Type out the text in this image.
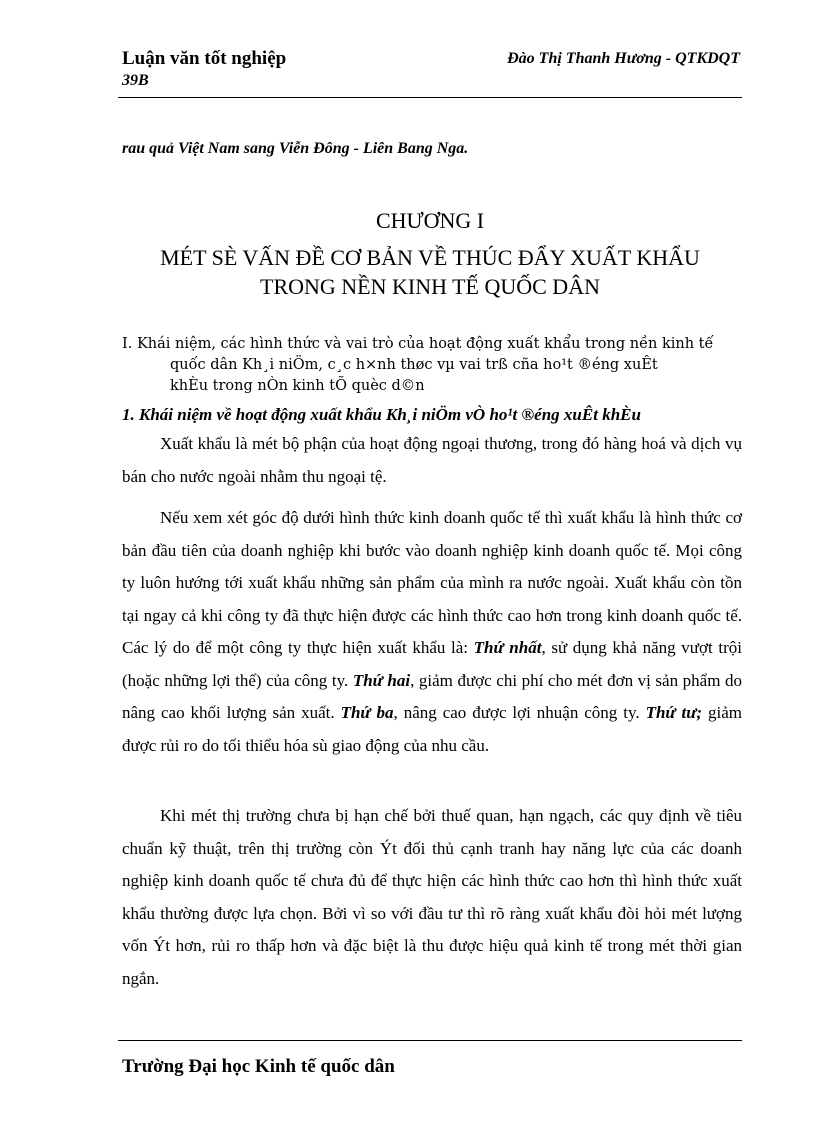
Luận văn tốt nghiệp
39B
Đào Thị Thanh Hương - QTKDQT
rau quả Việt Nam sang Viễn Đông - Liên Bang Nga.
CHƯƠNG I
MÉT SÈ VẤN ĐỀ CƠ BẢN VỀ THÚC ĐẨY XUẤT KHẨU
TRONG NỀN KINH TẾ QUỐC DÂN
I. Khái niệm, các hình thức và vai trò của hoạt động xuất khẩu trong nền kinh tế
quốc dân Kh¸i niÖm, c¸c h×nh thøc vµ vai trß cña ho¹t ®éng xuÊt
khÈu trong nÒn kinh tÕ quèc d©n
1. Khái niệm về hoạt động xuất khẩu Kh¸i niÖm vÒ ho¹t ®éng xuÊt khÈu
Xuất khẩu là mét bộ phận của hoạt động ngoại thương, trong đó hàng hoá và dịch vụ bán cho nước ngoài nhằm thu ngoại tệ.
Nếu xem xét góc độ dưới hình thức kinh doanh quốc tế thì xuất khẩu là hình thức cơ bản đầu tiên của doanh nghiệp khi bước vào doanh nghiệp kinh doanh quốc tế. Mọi công ty luôn hướng tới xuất khẩu những sản phẩm của mình ra nước ngoài. Xuất khẩu còn tồn tại ngay cả khi công ty đã thực hiện được các hình thức cao hơn trong kinh doanh quốc tế. Các lý do để một công ty thực hiện xuất khẩu là: Thứ nhất, sử dụng khả năng vượt trội (hoặc những lợi thế) của công ty. Thứ hai, giảm được chi phí cho mét đơn vị sản phẩm do nâng cao khối lượng sản xuất. Thứ ba, nâng cao được lợi nhuận công ty. Thứ tư; giảm được rủi ro do tối thiểu hóa sù giao động của nhu cầu.
Khi mét thị trường chưa bị hạn chế bởi thuế quan, hạn ngạch, các quy định về tiêu chuẩn kỹ thuật, trên thị trường còn Ýt đối thủ cạnh tranh hay năng lực của các doanh nghiệp kinh doanh quốc tế chưa đủ để thực hiện các hình thức cao hơn thì hình thức xuất khẩu thường được lựa chọn. Bởi vì so với đầu tư thì rõ ràng xuất khẩu đòi hỏi mét lượng vốn Ýt hơn, rủi ro thấp hơn và đặc biệt là thu được hiệu quả kinh tế trong mét thời gian ngắn.
Trường Đại học Kinh tế quốc dân
